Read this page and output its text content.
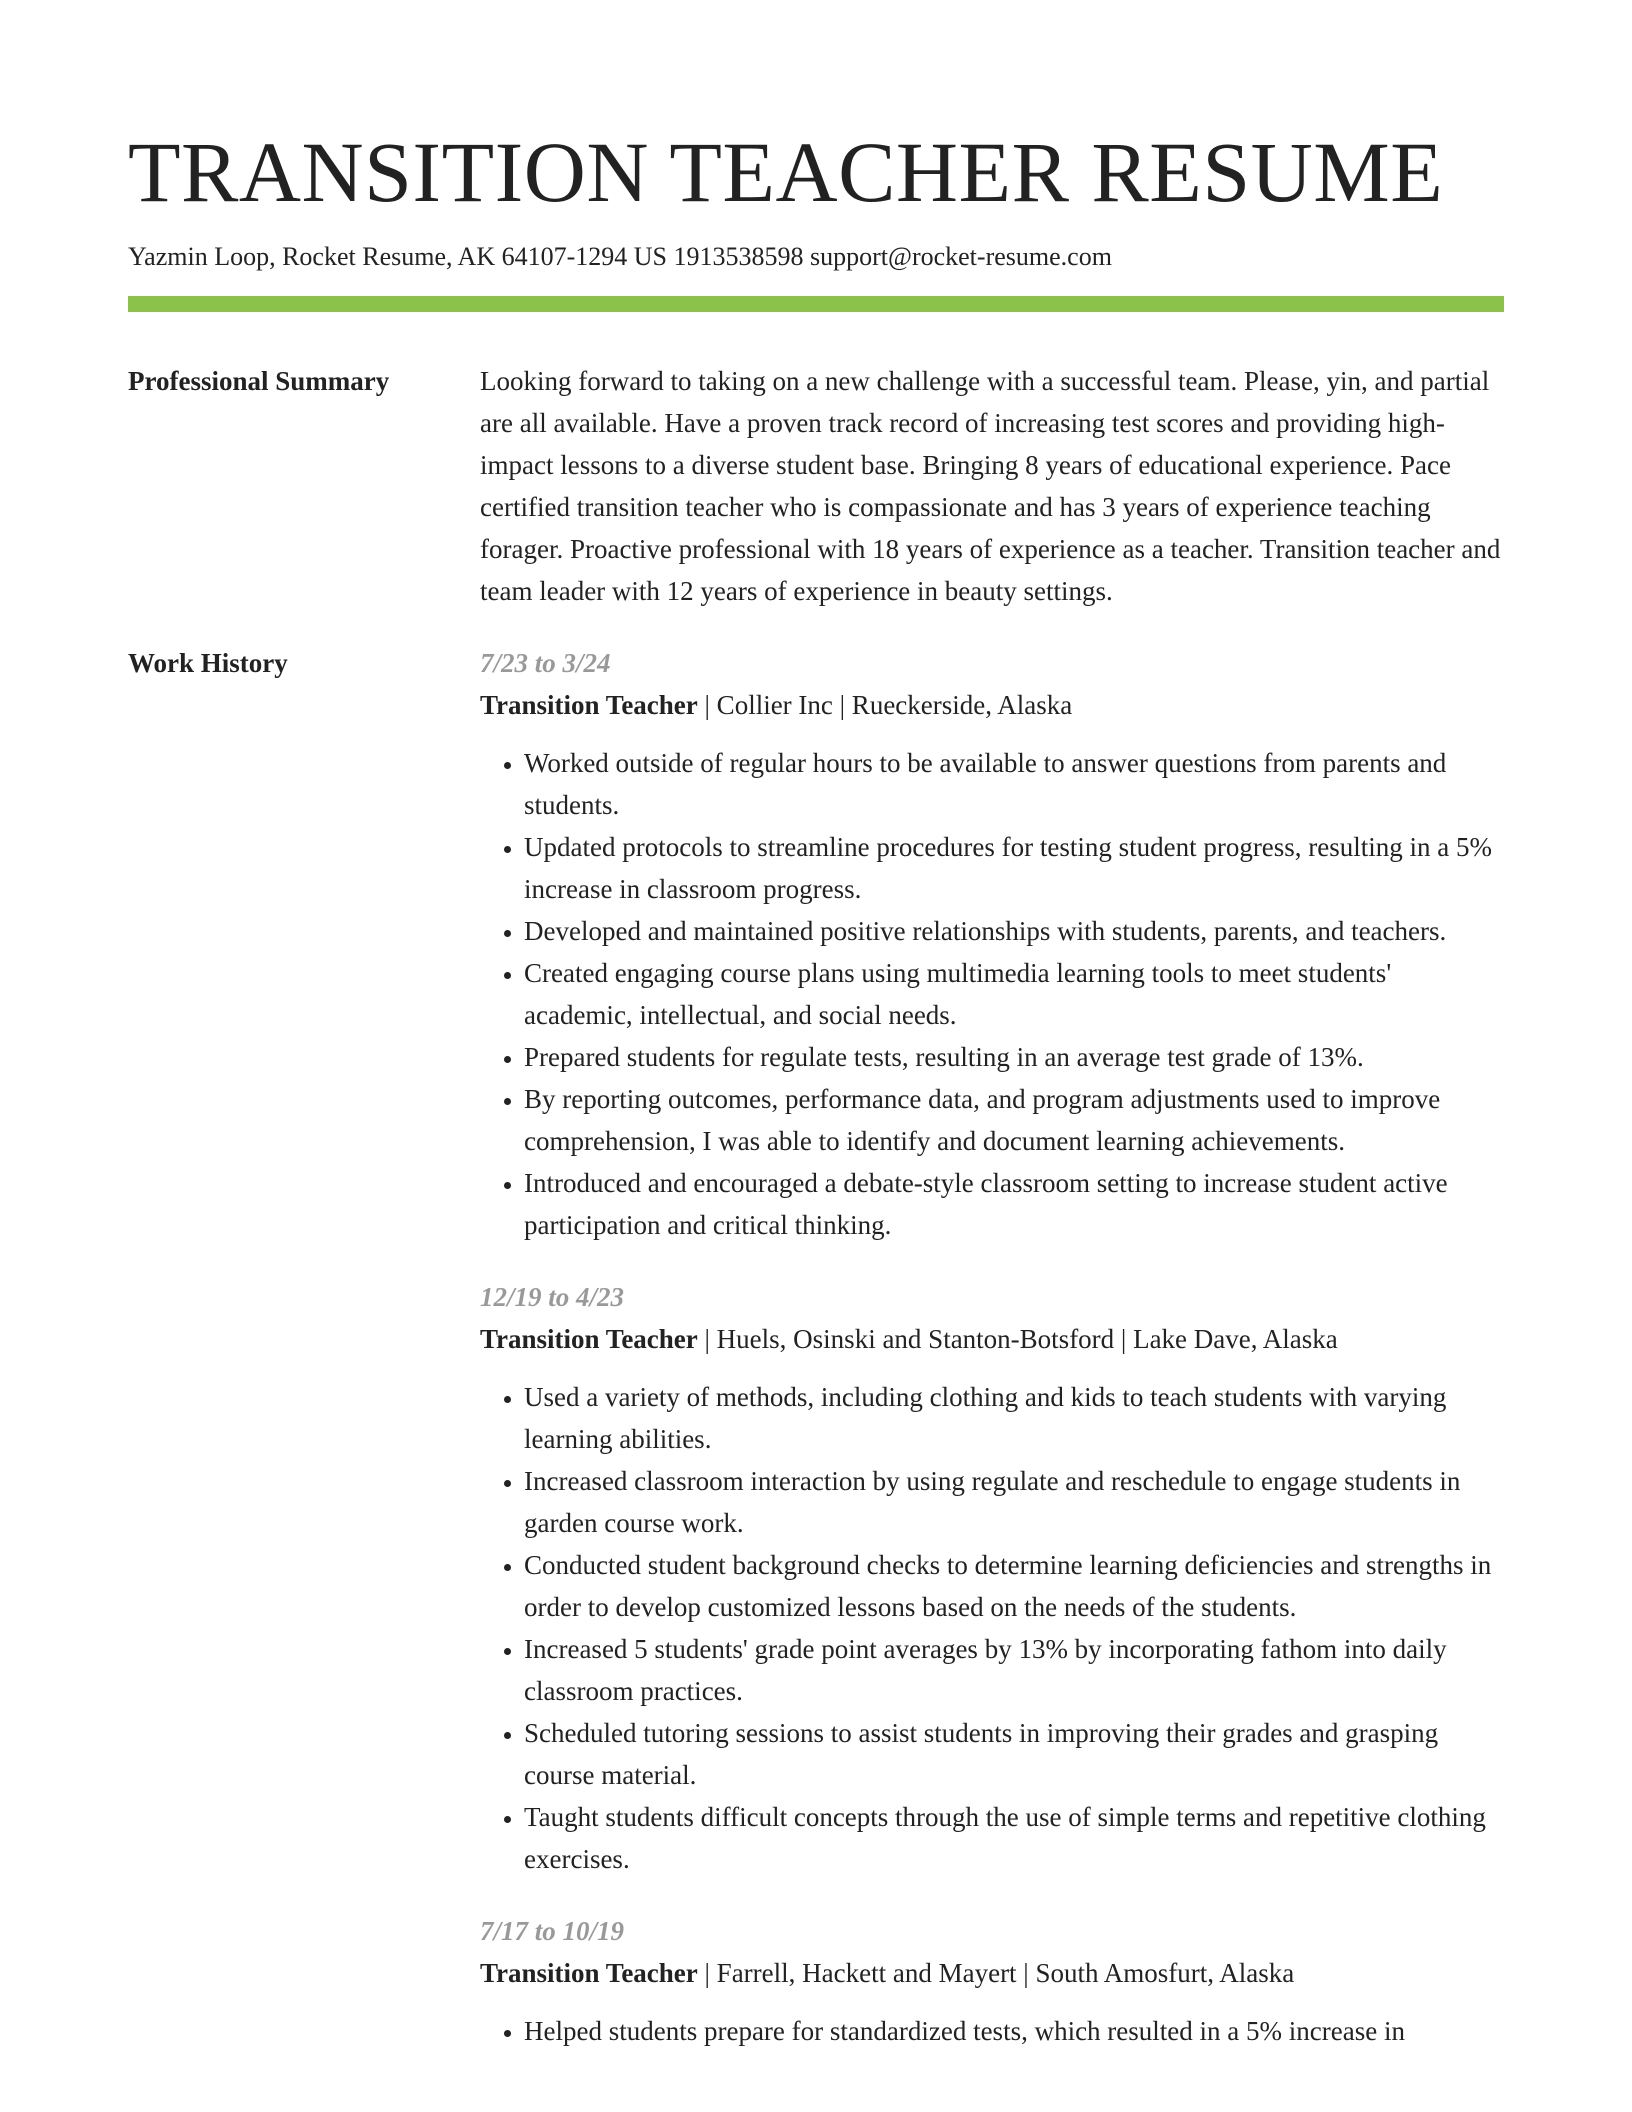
TRANSITION TEACHER RESUME
Yazmin Loop, Rocket Resume, AK 64107-1294 US 1913538598 support@rocket-resume.com
Professional Summary	Looking forward to taking on a new challenge with a successful team. Please, yin, and partial are all available. Have a proven track record of increasing test scores and providing high-impact lessons to a diverse student base. Bringing 8 years of educational experience. Pace certified transition teacher who is compassionate and has 3 years of experience teaching forager. Proactive professional with 18 years of experience as a teacher. Transition teacher and team leader with 12 years of experience in beauty settings.

Work History	7/23 to 3/24
Transition Teacher | Collier Inc | Rueckerside, Alaska
• Worked outside of regular hours to be available to answer questions from parents and students.
• Updated protocols to streamline procedures for testing student progress, resulting in a 5% increase in classroom progress.
• Developed and maintained positive relationships with students, parents, and teachers.
• Created engaging course plans using multimedia learning tools to meet students' academic, intellectual, and social needs.
• Prepared students for regulate tests, resulting in an average test grade of 13%.
• By reporting outcomes, performance data, and program adjustments used to improve comprehension, I was able to identify and document learning achievements.
• Introduced and encouraged a debate-style classroom setting to increase student active participation and critical thinking.
12/19 to 4/23
Transition Teacher | Huels, Osinski and Stanton-Botsford | Lake Dave, Alaska
• Used a variety of methods, including clothing and kids to teach students with varying learning abilities.
• Increased classroom interaction by using regulate and reschedule to engage students in garden course work.
• Conducted student background checks to determine learning deficiencies and strengths in order to develop customized lessons based on the needs of the students.
• Increased 5 students' grade point averages by 13% by incorporating fathom into daily classroom practices.
• Scheduled tutoring sessions to assist students in improving their grades and grasping course material.
• Taught students difficult concepts through the use of simple terms and repetitive clothing exercises.
7/17 to 10/19
Transition Teacher | Farrell, Hackett and Mayert | South Amosfurt, Alaska
• Helped students prepare for standardized tests, which resulted in a 5% increase in
